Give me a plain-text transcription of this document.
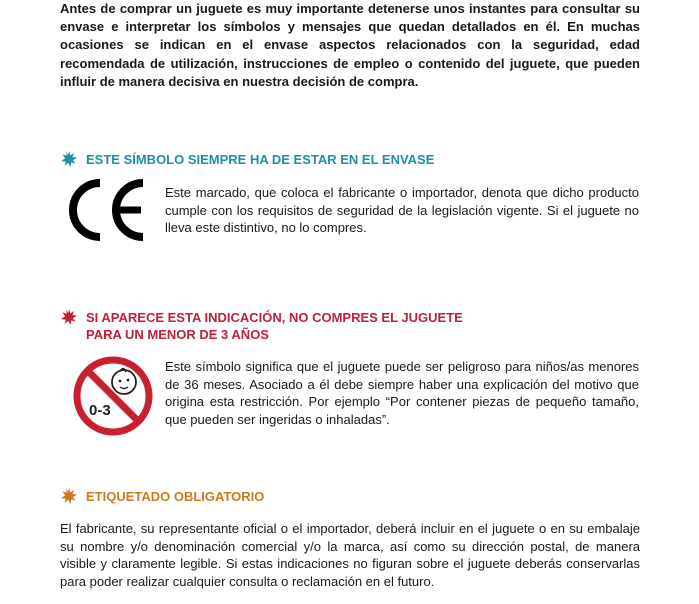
Antes de comprar un juguete es muy importante detenerse unos instantes para consultar su envase e interpretar los símbolos y mensajes que quedan detallados en él. En muchas ocasiones se indican en el envase aspectos relacionados con la seguridad, edad recomendada de utilización, instrucciones de empleo o contenido del juguete, que pueden influir de manera decisiva en nuestra decisión de compra.

ESTE SÍMBOLO SIEMPRE HA DE ESTAR EN EL ENVASE

Este marcado, que coloca el fabricante o importador, denota que dicho producto cumple con los requisitos de seguridad de la legislación vigente. Si el juguete no lleva este distintivo, no lo compres.

SI APARECE ESTA INDICACIÓN, NO COMPRES EL JUGUETE
PARA UN MENOR DE 3 AÑOS
0-3

Este símbolo significa que el juguete puede ser peligroso para niños/as menores de 36 meses. Asociado a él debe siempre haber una explicación del motivo que origina esta restricción. Por ejemplo “Por contener piezas de pequeño tamaño, que pueden ser ingeridas o inhaladas”.

ETIQUETADO OBLIGATORIO

El fabricante, su representante oficial o el importador, deberá incluir en el juguete o en su embalaje su nombre y/o denominación comercial y/o la marca, así como su dirección postal, de manera visible y claramente legible. Si estas indicaciones no figuran sobre el juguete deberás conservarlas para poder realizar cualquier consulta o reclamación en el futuro.
